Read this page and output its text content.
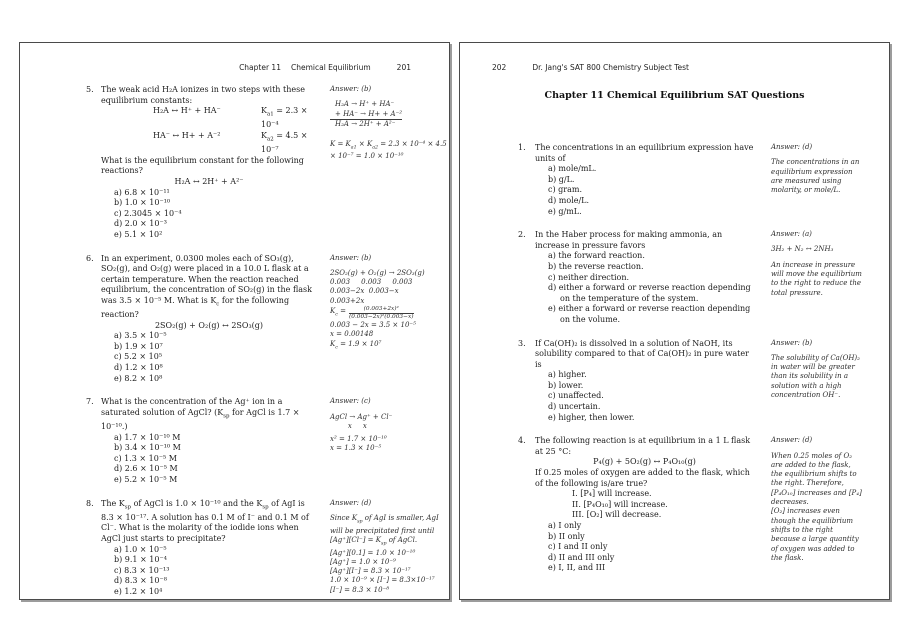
Chapter 11 Chemical Equilibrium	201
5. The weak acid H₂A ionizes in two steps with these equilibrium constants:
H₂A ↔ H⁺ + HA⁻	$K_{a1} = 2.3 \times 10^{-4}$
HA⁻ ↔ H+ + A⁻²	$K_{a2} = 4.5 \times 10^{-7}$
What is the equilibrium constant for the following reactions?
H₂A ↔ 2H⁺ + A²⁻
a) 6.8 × 10⁻¹¹
b) 1.0 × 10⁻¹⁰
c) 2.3045 × 10⁻⁴
d) 2.0 × 10⁻³
e) 5.1 × 10²
Answer: (b)
H₂A → H⁺ + HA⁻
+ HA⁻ → H+ + A⁻²
H₂A → 2H⁺ + A²⁻
$K = K_{a1} \times K_{a2} = 2.3 \times 10^{-4} \times 4.5 \times 10^{-7} = 1.0 \times 10^{-10}$
6. In an experiment, 0.0300 moles each of SO₃(g), SO₂(g), and O₂(g) were placed in a 10.0 L flask at a certain temperature. When the reaction reached equilibrium, the concentration of SO₂(g) in the flask was 3.5 × 10⁻⁵ M. What is $K_c$ for the following reaction?
2SO₂(g) + O₂(g) ↔ 2SO₃(g)
a) 3.5 × 10⁻⁵
b) 1.9 × 10⁷
c) 5.2 × 10⁵
d) 1.2 × 10⁸
e) 8.2 × 10⁸
Answer: (b)
2SO₂(g) + O₂(g) → 2SO₃(g)
0.003     0.003     0.003
0.003−2x  0.003−x
0.003+2x
$K_c = \frac{\text{(0.003+2x)²}}{\text{(0.003−2x)²(0.003−x)}}$
0.003 − 2x = 3.5 × 10⁻⁵
x = 0.00148
$K_c = 1.9 \times 10^7$
7. What is the concentration of the Ag⁺ ion in a saturated solution of AgCl? ($K_{sp}$ for AgCl is 1.7 × 10⁻¹⁰.)
a) 1.7 × 10⁻¹⁰ M
b) 3.4 × 10⁻¹⁰ M
c) 1.3 × 10⁻⁵ M
d) 2.6 × 10⁻⁵ M
e) 5.2 × 10⁻⁵ M
Answer: (c)
AgCl → Ag⁺ + Cl⁻
x     x
x² = 1.7 × 10⁻¹⁰
x = 1.3 × 10⁻⁵
8. The $K_{sp}$ of AgCl is 1.0 × 10⁻¹⁰ and the $K_{sp}$ of AgI is 8.3 × 10⁻¹⁷. A solution has 0.1 M of I⁻ and 0.1 M of Cl⁻. What is the molarity of the iodide ions when AgCl just starts to precipitate?
a) 1.0 × 10⁻⁵
b) 9.1 × 10⁻⁴
c) 8.3 × 10⁻¹³
d) 8.3 × 10⁻⁸
e) 1.2 × 10⁴
Answer: (d)
Since $K_{sp}$ of AgI is smaller, AgI will be precipitated first until $[Ag^+][Cl^-] = K_{sp}$ of AgCl.
[Ag⁺][0.1] = 1.0 × 10⁻¹⁰
[Ag⁺] = 1.0 × 10⁻⁹
[Ag⁺][I⁻] = 8.3 × 10⁻¹⁷
1.0 × 10⁻⁹ × [I⁻] = 8.3×10⁻¹⁷
[I⁻] = 8.3 × 10⁻⁸
202	Dr. Jang's SAT 800 Chemistry Subject Test
Chapter 11 Chemical Equilibrium SAT Questions
1.	The concentrations in an equilibrium expression have units of
a) mole/mL.
b) g/L.
c) gram.
d) mole/L.
e) g/mL.
Answer: (d)
The concentrations in an equilibrium expression are measured using molarity, or mole/L.
2.	In the Haber process for making ammonia, an increase in pressure favors
a) the forward reaction.
b) the reverse reaction.
c) neither direction.
d) either a forward or reverse reaction depending on the temperature of the system.
e) either a forward or reverse reaction depending on the volume.
Answer: (a)
3H₂ + N₂ ↔ 2NH₃
An increase in pressure will move the equilibrium to the right to reduce the total pressure.
3.	If Ca(OH)₂ is dissolved in a solution of NaOH, its solubility compared to that of Ca(OH)₂ in pure water is
a) higher.
b) lower.
c) unaffected.
d) uncertain.
e) higher, then lower.
Answer: (b)
The solubility of Ca(OH)₂ in water will be greater than its solubility in a solution with a high concentration OH⁻.
4.	The following reaction is at equilibrium in a 1 L flask at 25 °C:
P₄(g) + 5O₂(g) ↔ P₄O₁₀(g)
If 0.25 moles of oxygen are added to the flask, which of the following is/are true?
I. [P₄] will increase.
II. [P₄O₁₀] will increase.
III. [O₂] will decrease.
a) I only
b) II only
c) I and II only
d) II and III only
e) I, II, and III
Answer: (d)
When 0.25 moles of O₂ are added to the flask, the equilibrium shifts to the right. Therefore, [P₄O₁₀] increases and [P₄] decreases.
[O₂] increases even though the equilibrium shifts to the right because a large quantity of oxygen was added to the flask.
